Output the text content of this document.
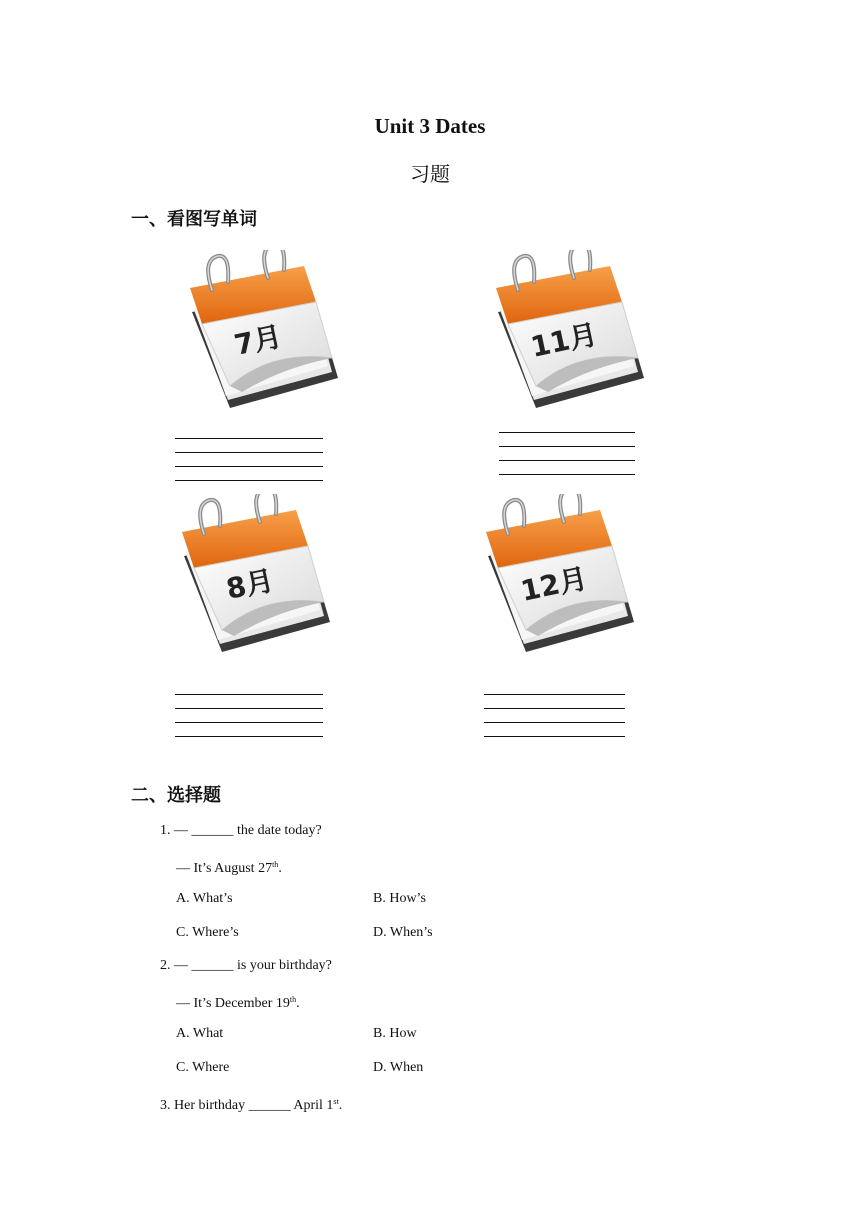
Unit 3 Dates
习题
一、看图写单词
7月	11月
8月	12月
二、选择题
1. — ______ the date today?
— It’s August 27th.
A. What’s	B. How’s
C. Where’s	D. When’s
2. — ______ is your birthday?
— It’s December 19th.
A. What	B. How
C. Where	D. When
3. Her birthday ______ April 1st.
